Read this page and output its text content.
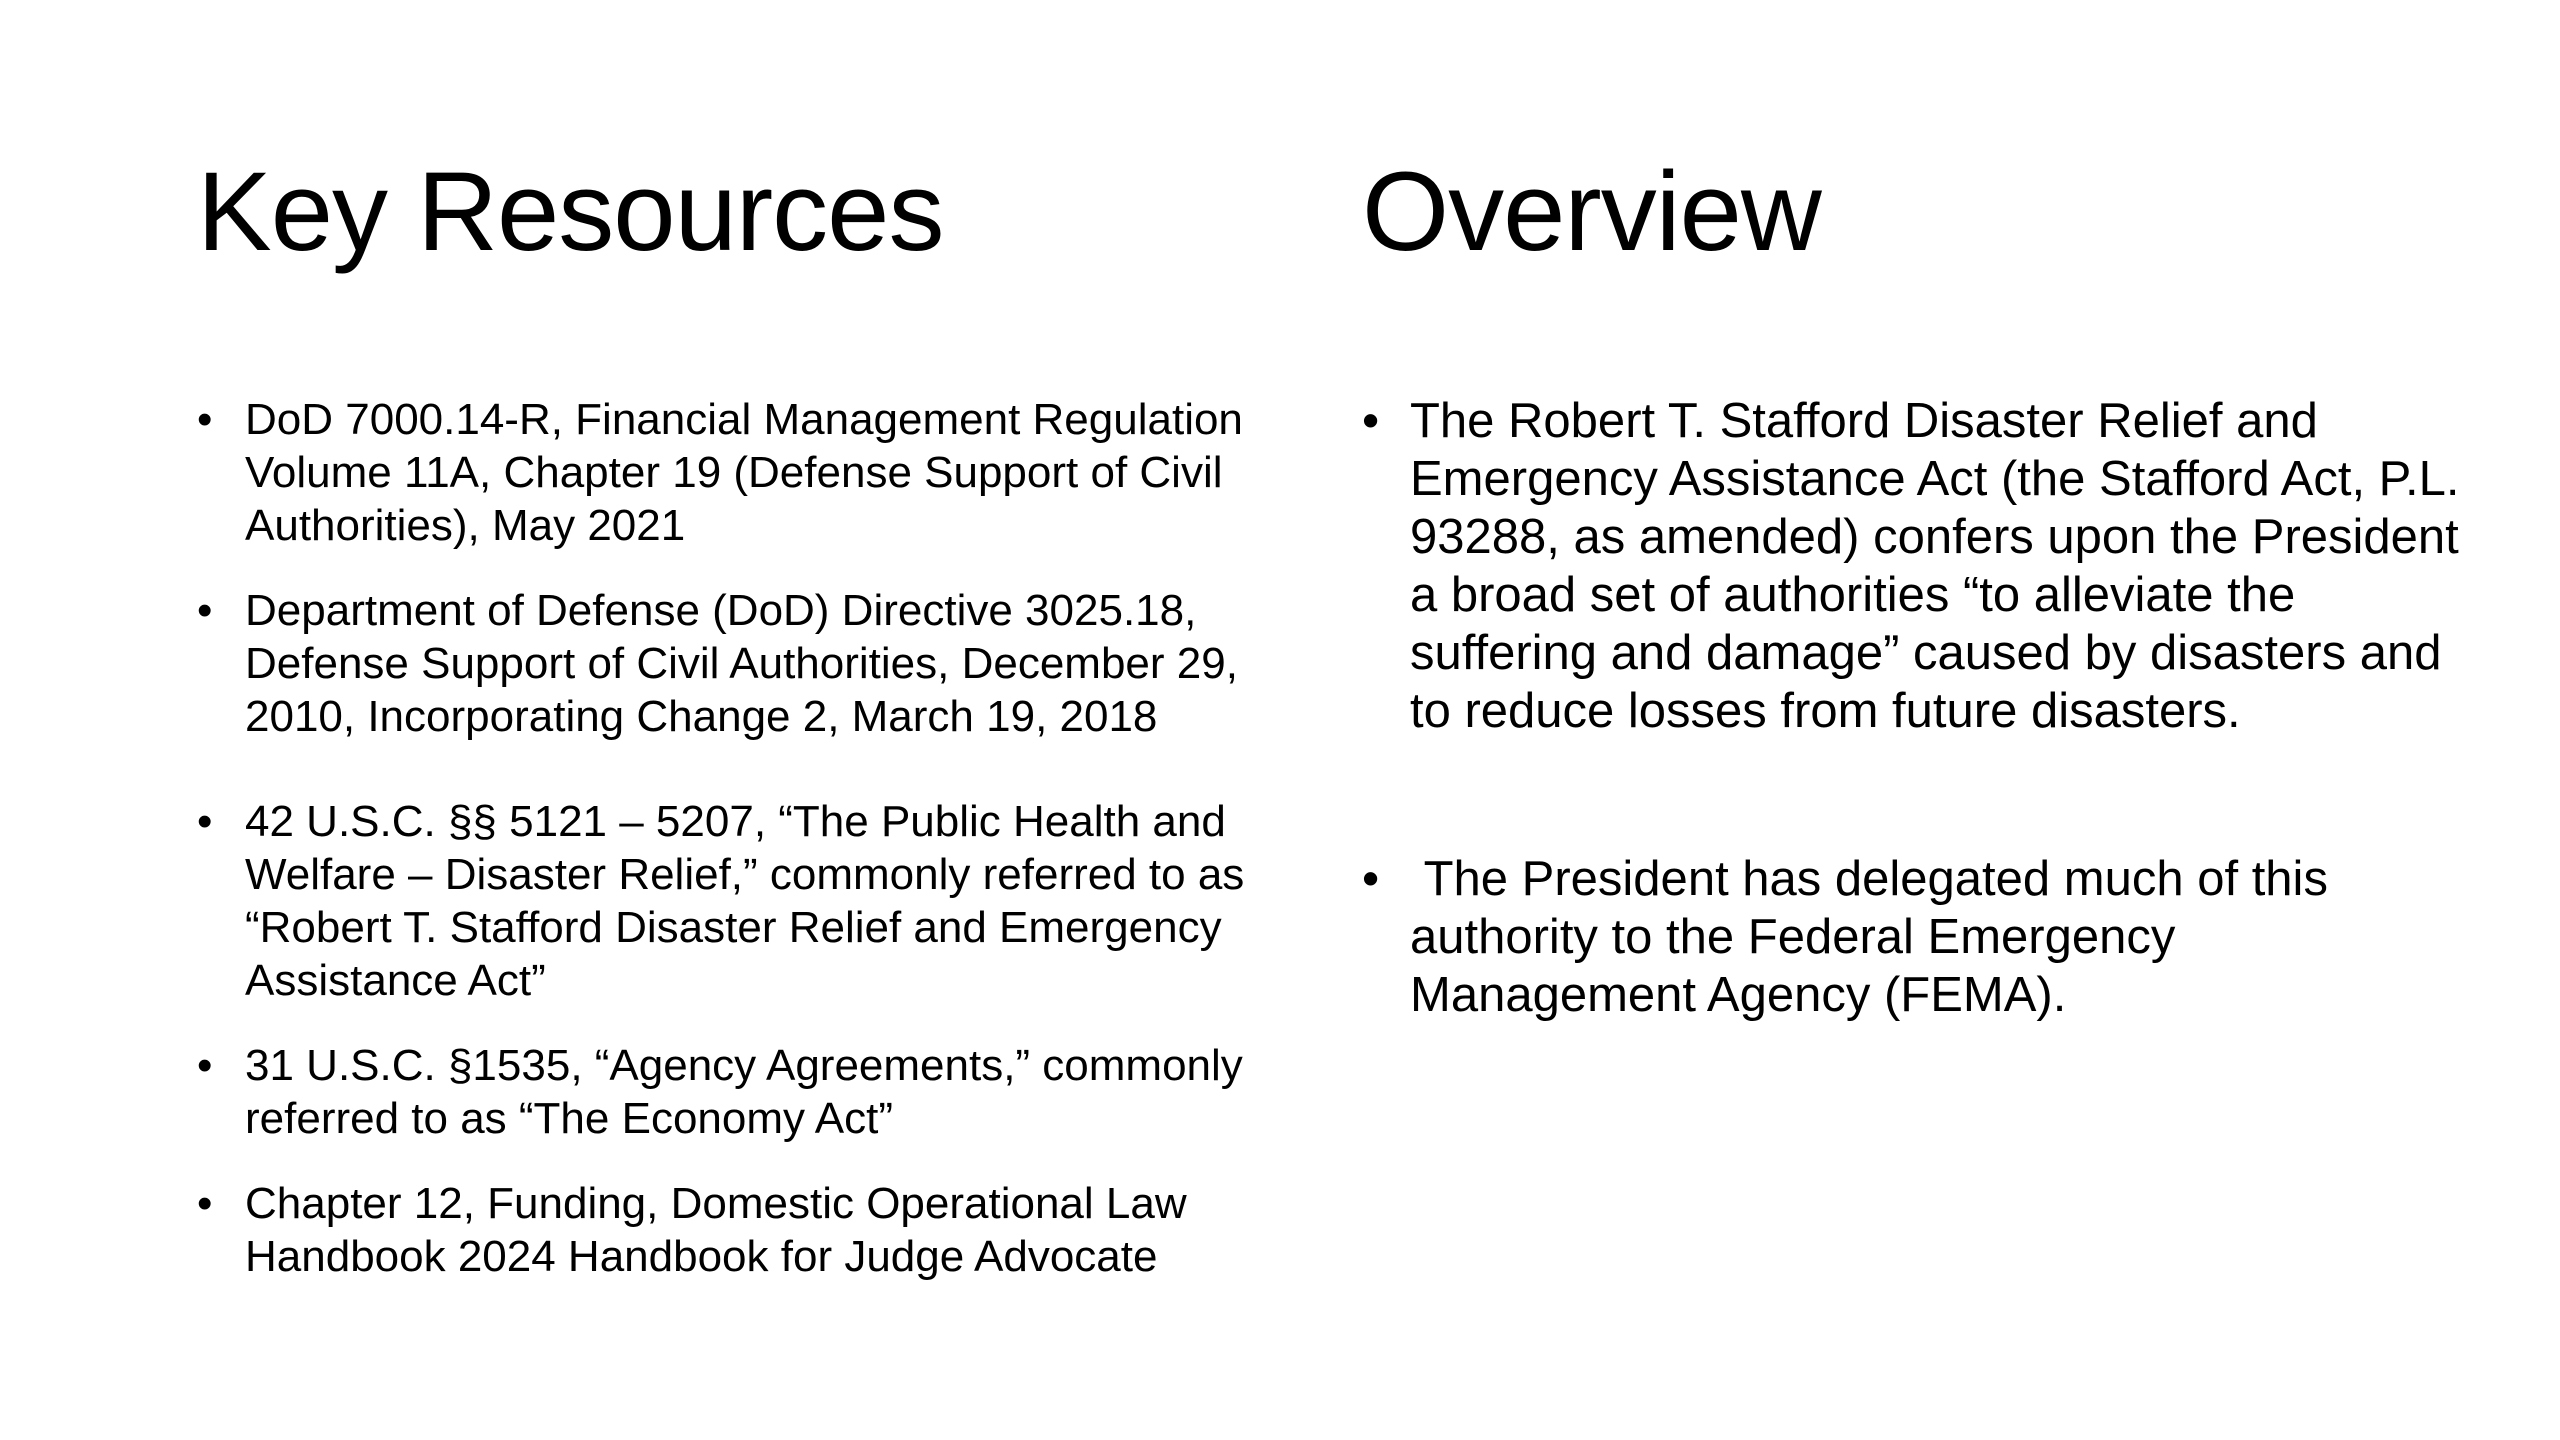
Key Resources
• DoD 7000.14-R, Financial Management Regulation Volume 11A, Chapter 19 (Defense Support of Civil Authorities), May 2021
• Department of Defense (DoD) Directive 3025.18, Defense Support of Civil Authorities, December 29, 2010, Incorporating Change 2, March 19, 2018
• 42 U.S.C. §§ 5121 – 5207, “The Public Health and Welfare – Disaster Relief,” commonly referred to as “Robert T. Stafford Disaster Relief and Emergency Assistance Act”
• 31 U.S.C. §1535, “Agency Agreements,” commonly referred to as “The Economy Act”
• Chapter 12, Funding, Domestic Operational Law Handbook 2024 Handbook for Judge Advocate
Overview
• The Robert T. Stafford Disaster Relief and Emergency Assistance Act (the Stafford Act, P.L. 93288, as amended) confers upon the President a broad set of authorities “to alleviate the suffering and damage” caused by disasters and to reduce losses from future disasters.
• The President has delegated much of this authority to the Federal Emergency Management Agency (FEMA).
